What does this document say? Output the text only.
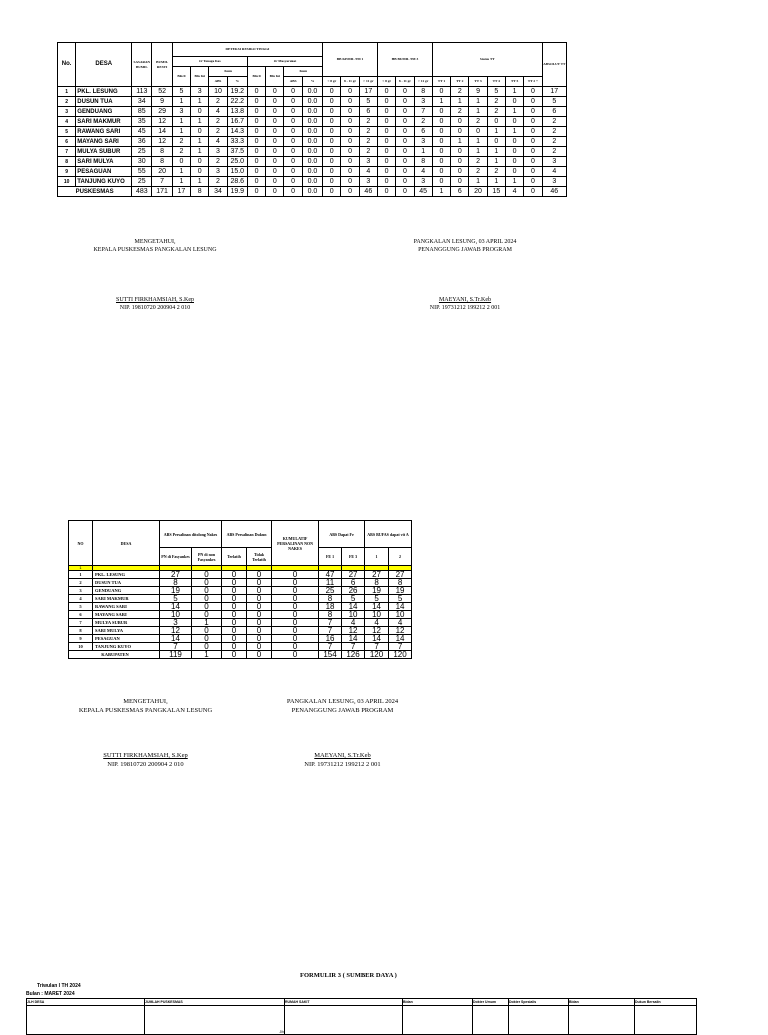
No.	DESA	SASARAN BUMIL	BUMIL RESTI	DETEKSI RESIKO TINGGI								BB KEMIL TM 1			HB BUMIL TM 3			Status TT						ABSOLUT TT
				O/ Tenaga Kes				O/ Masyarakat																
				Bln ll	Bln Ini	Kum		Bln ll	Bln Ini	Kum														
						ABS	%			ABS	%	< 8 gr	8 - 11 gr	> 11 gr	< 8 gr	8 - 11 gr	> 11 gr	TT 1	TT 2	TT 3	TT 4	TT 5	TT 2 +	
1	PKL. LESUNG	113	52	5	3	10	19.2	0	0	0	0.0	0	0	17	0	0	8	0	2	9	5	1	0	17
2	DUSUN TUA	34	9	1	1	2	22.2	0	0	0	0.0	0	0	5	0	0	3	1	1	1	2	0	0	5
3	GENDUANG	85	29	3	0	4	13.8	0	0	0	0.0	0	0	6	0	0	7	0	2	1	2	1	0	6
4	SARI MAKMUR	35	12	1	1	2	16.7	0	0	0	0.0	0	0	2	0	0	2	0	0	2	0	0	0	2
5	RAWANG SARI	45	14	1	0	2	14.3	0	0	0	0.0	0	0	2	0	0	6	0	0	0	1	1	0	2
6	MAYANG SARI	36	12	2	1	4	33.3	0	0	0	0.0	0	0	2	0	0	3	0	1	1	0	0	0	2
7	MULYA SUBUR	25	8	2	1	3	37.5	0	0	0	0.0	0	0	2	0	0	1	0	0	1	1	0	0	2
8	SARI MULYA	30	8	0	0	2	25.0	0	0	0	0.0	0	0	3	0	0	8	0	0	2	1	0	0	3
9	PESAGUAN	55	20	1	0	3	15.0	0	0	0	0.0	0	0	4	0	0	4	0	0	2	2	0	0	4
10	TANJUNG KUYO	25	7	1	1	2	28.6	0	0	0	0.0	0	0	3	0	0	3	0	0	1	1	1	0	3
PUSKESMAS		483	171	17	8	34	19.9	0	0	0	0.0	0	0	46	0	0	45	1	6	20	15	4	0	46
MENGETAHUI,
KEPALA PUSKESMAS PANGKALAN LESUNG
SUTTI FIRKHAMSIAH, S.Kep
NIP. 19810720 200904 2 010
PANGKALAN LESUNG, 03 APRIL 2024
PENANGGUNG JAWAB PROGRAM
MAEYANI, S.Tr.Keb
NIP. 19731212 199212 2 001
NO	DESA	ABS Persalinan ditolong Nakes		ABS Persalinan Dukun		KUMULATIF PERSALINAN NON NAKES	ABS Dapat Fe		ABS BUFAS dapat vit A	
		PN di Fasyankes	PN di non Fasyankes	Terlatih	Tidak Terlatih		FE 1	FE 3	1	2
1										
1	PKL. LESUNG	27	0	0	0	0	47	27	27	27
2	DUSUN TUA	8	0	0	0	0	11	6	8	8
3	GENDUANG	19	0	0	0	0	25	26	19	19
4	SARI MAKMUR	5	0	0	0	0	8	5	5	5
5	RAWANG SARI	14	0	0	0	0	18	14	14	14
6	MAYANG SARI	10	0	0	0	0	8	10	10	10
7	MULYA SUBUR	3	1	0	0	0	7	4	4	4
8	SARI MULYA	12	0	0	0	0	7	12	12	12
9	PESAGUAN	14	0	0	0	0	16	14	14	14
10	TANJUNG KUYO	7	0	0	0	0	7	7	7	7
KABUPATEN		119	1	0	0	0	154	126	120	120
MENGETAHUI,
KEPALA PUSKESMAS PANGKALAN LESUNG
SUTTI FIRKHAMSIAH, S.Kep
NIP. 19810720 200904 2 010
PANGKALAN LESUNG, 03 APRIL 2024
PENANGGUNG JAWAB PROGRAM
MAEYANI, S.Tr.Keb
NIP. 19731212 199212 2 001
FORMULIR 3 ( SUMBER DAYA )
Triwulan I TH 2024
Bulan : MARET 2024
JLH DESA	JUMLAH PUSKESMAS	RUMAH SAKIT	Bidan	Dokter Umum	Dokter Spesialis	Bidan	Dukun Bersalin
	Jlh						
